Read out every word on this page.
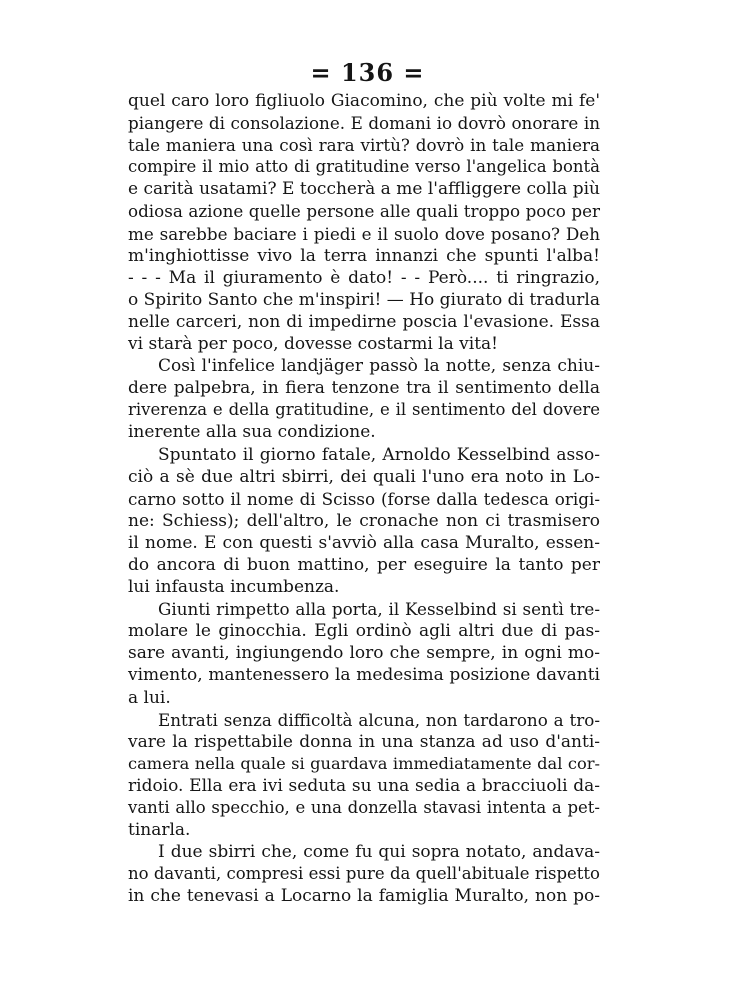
= 136 =
quel caro loro figliuolo Giacomino, che più volte mi fe'
piangere di consolazione. E domani io dovrò onorare in
tale maniera una così rara virtù? dovrò in tale maniera
compire il mio atto di gratitudine verso l'angelica bontà
e carità usatami? E toccherà a me l'affliggere colla più
odiosa azione quelle persone alle quali troppo poco per
me sarebbe baciare i piedi e il suolo dove posano? Deh
m'inghiottisse vivo la terra innanzi che spunti l'alba!
- - - Ma il giuramento è dato! - - Però.... ti ringrazio,
o Spirito Santo che m'inspiri! — Ho giurato di tradurla
nelle carceri, non di impedirne poscia l'evasione. Essa
vi starà per poco, dovesse costarmi la vita!
Così l'infelice landjäger passò la notte, senza chiu-
dere palpebra, in fiera tenzone tra il sentimento della
riverenza e della gratitudine, e il sentimento del dovere
inerente alla sua condizione.
Spuntato il giorno fatale, Arnoldo Kesselbind asso-
ciò a sè due altri sbirri, dei quali l'uno era noto in Lo-
carno sotto il nome di Scisso (forse dalla tedesca origi-
ne: Schiess); dell'altro, le cronache non ci trasmisero
il nome. E con questi s'avviò alla casa Muralto, essen-
do ancora di buon mattino, per eseguire la tanto per
lui infausta incumbenza.
Giunti rimpetto alla porta, il Kesselbind si sentì tre-
molare le ginocchia. Egli ordinò agli altri due di pas-
sare avanti, ingiungendo loro che sempre, in ogni mo-
vimento, mantenessero la medesima posizione davanti
a lui.
Entrati senza difficoltà alcuna, non tardarono a tro-
vare la rispettabile donna in una stanza ad uso d'anti-
camera nella quale si guardava immediatamente dal cor-
ridoio. Ella era ivi seduta su una sedia a bracciuoli da-
vanti allo specchio, e una donzella stavasi intenta a pet-
tinarla.
I due sbirri che, come fu qui sopra notato, andava-
no davanti, compresi essi pure da quell'abituale rispetto
in che tenevasi a Locarno la famiglia Muralto, non po-
